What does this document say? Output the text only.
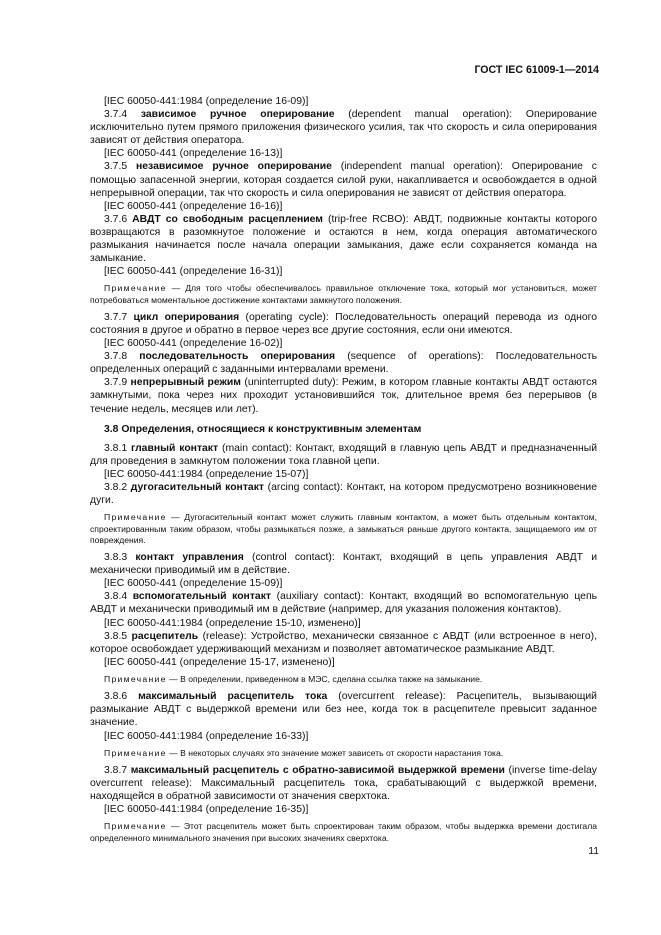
ГОСТ IEC 61009-1—2014

[IEC 60050-441:1984 (определение 16-09)]

3.7.4 зависимое ручное оперирование (dependent manual operation): Оперирование исключительно путем прямого приложения физического усилия, так что скорость и сила оперирования зависят от действия оператора.

[IEC 60050-441 (определение 16-13)]

3.7.5 независимое ручное оперирование (independent manual operation): Оперирование с помощью запасенной энергии, которая создается силой руки, накапливается и освобождается в одной непрерывной операции, так что скорость и сила оперирования не зависят от действия оператора.

[IEC 60050-441 (определение 16-16)]

3.7.6 АВДТ со свободным расцеплением (trip-free RCBO): АВДТ, подвижные контакты которого возвращаются в разомкнутое положение и остаются в нем, когда операция автоматического размыкания начинается после начала операции замыкания, даже если сохраняется команда на замыкание.

[IEC 60050-441 (определение 16-31)]

Примечание — Для того чтобы обеспечивалось правильное отключение тока, который мог установиться, может потребоваться моментальное достижение контактами замкнутого положения.

3.7.7 цикл оперирования (operating cycle): Последовательность операций перевода из одного состояния в другое и обратно в первое через все другие состояния, если они имеются.

[IEC 60050-441 (определение 16-02)]

3.7.8 последовательность оперирования (sequence of operations): Последовательность определенных операций с заданными интервалами времени.

3.7.9 непрерывный режим (uninterrupted duty): Режим, в котором главные контакты АВДТ остаются замкнутыми, пока через них проходит установившийся ток, длительное время без перерывов (в течение недель, месяцев или лет).

3.8 Определения, относящиеся к конструктивным элементам

3.8.1 главный контакт (main contact): Контакт, входящий в главную цепь АВДТ и предназначенный для проведения в замкнутом положении тока главной цепи.

[IEC 60050-441:1984 (определение 15-07)]

3.8.2 дугогасительный контакт (arcing contact): Контакт, на котором предусмотрено возникновение дуги.

Примечание — Дугогасительный контакт может служить главным контактом, а может быть отдельным контактом, спроектированным таким образом, чтобы размыкаться позже, а замыкаться раньше другого контакта, защищаемого им от повреждения.

3.8.3 контакт управления (control contact): Контакт, входящий в цепь управления АВДТ и механически приводимый им в действие.

[IEC 60050-441 (определение 15-09)]

3.8.4 вспомогательный контакт (auxiliary contact): Контакт, входящий во вспомогательную цепь АВДТ и механически приводимый им в действие (например, для указания положения контактов).

[IEC 60050-441:1984 (определение 15-10, изменено)]

3.8.5 расцепитель (release): Устройство, механически связанное с АВДТ (или встроенное в него), которое освобождает удерживающий механизм и позволяет автоматическое размыкание АВДТ.

[IEC 60050-441 (определение 15-17, изменено)]

Примечание — В определении, приведенном в МЭС, сделана ссылка также на замыкание.

3.8.6 максимальный расцепитель тока (overcurrent release): Расцепитель, вызывающий размыкание АВДТ с выдержкой времени или без нее, когда ток в расцепителе превысит заданное значение.

[IEC 60050-441:1984 (определение 16-33)]

Примечание — В некоторых случаях это значение может зависеть от скорости нарастания тока.

3.8.7 максимальный расцепитель с обратно-зависимой выдержкой времени (inverse time-delay overcurrent release): Максимальный расцепитель тока, срабатывающий с выдержкой времени, находящейся в обратной зависимости от значения сверхтока.

[IEC 60050-441:1984 (определение 16-35)]

Примечание — Этот расцепитель может быть спроектирован таким образом, чтобы выдержка времени достигала определенного минимального значения при высоких значениях сверхтока.

11
